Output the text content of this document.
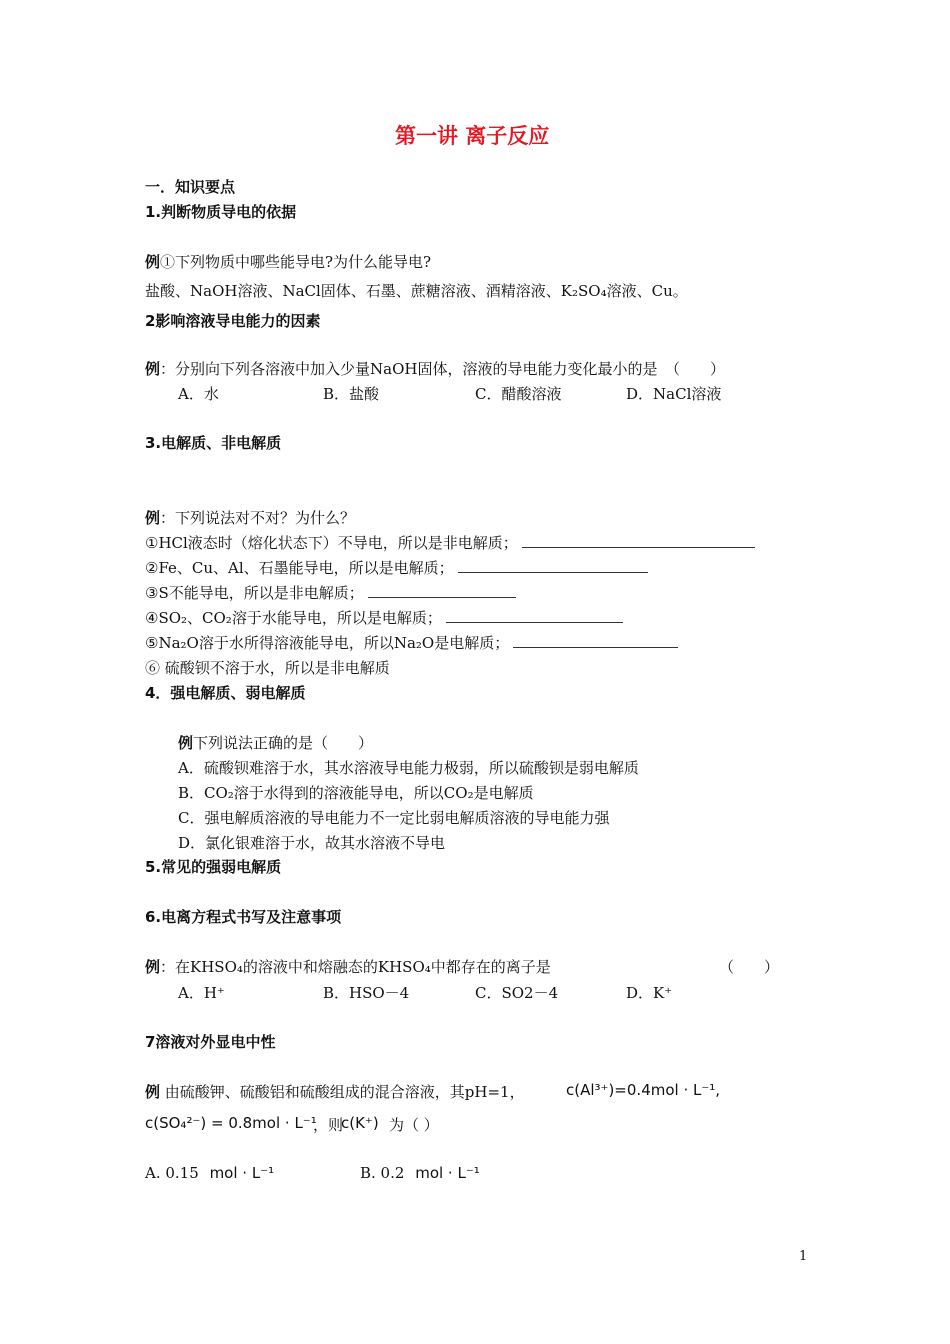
第一讲 离子反应
一．知识要点
1.判断物质导电的依据
例①下列物质中哪些能导电?为什么能导电?
盐酸、NaOH溶液、NaCl固体、石墨、蔗糖溶液、酒精溶液、K₂SO₄溶液、Cu。
2影响溶液导电能力的因素
例：分别向下列各溶液中加入少量NaOH固体，溶液的导电能力变化最小的是　（　　）
A．水	B．盐酸	C．醋酸溶液	D．NaCl溶液
3.电解质、非电解质
例：下列说法对不对？为什么？
①HCl液态时（熔化状态下）不导电，所以是非电解质；
②Fe、Cu、Al、石墨能导电，所以是电解质；
③S不能导电，所以是非电解质；
④SO₂、CO₂溶于水能导电，所以是电解质；
⑤Na₂O溶于水所得溶液能导电，所以Na₂O是电解质；
⑥ 硫酸钡不溶于水，所以是非电解质
4．强电解质、弱电解质
例下列说法正确的是（　　）
A．硫酸钡难溶于水，其水溶液导电能力极弱，所以硫酸钡是弱电解质
B．CO₂溶于水得到的溶液能导电，所以CO₂是电解质
C．强电解质溶液的导电能力不一定比弱电解质溶液的导电能力强
D．氯化银难溶于水，故其水溶液不导电
5.常见的强弱电解质
6.电离方程式书写及注意事项
例：在KHSO₄的溶液中和熔融态的KHSO₄中都存在的离子是	（　　）
A．H⁺	B．HSO－4	C．SO2－4	D．K⁺
7溶液对外显电中性
例 由硫酸钾、硫酸铝和硫酸组成的混合溶液，其pH=1，	c(Al³⁺)=0.4mol · L⁻¹,
c(SO₄²⁻) = 0.8mol · L⁻¹
，则
c(K⁺) 为（ ）
A. 0.15 mol · L⁻¹	B. 0.2 mol · L⁻¹
1
